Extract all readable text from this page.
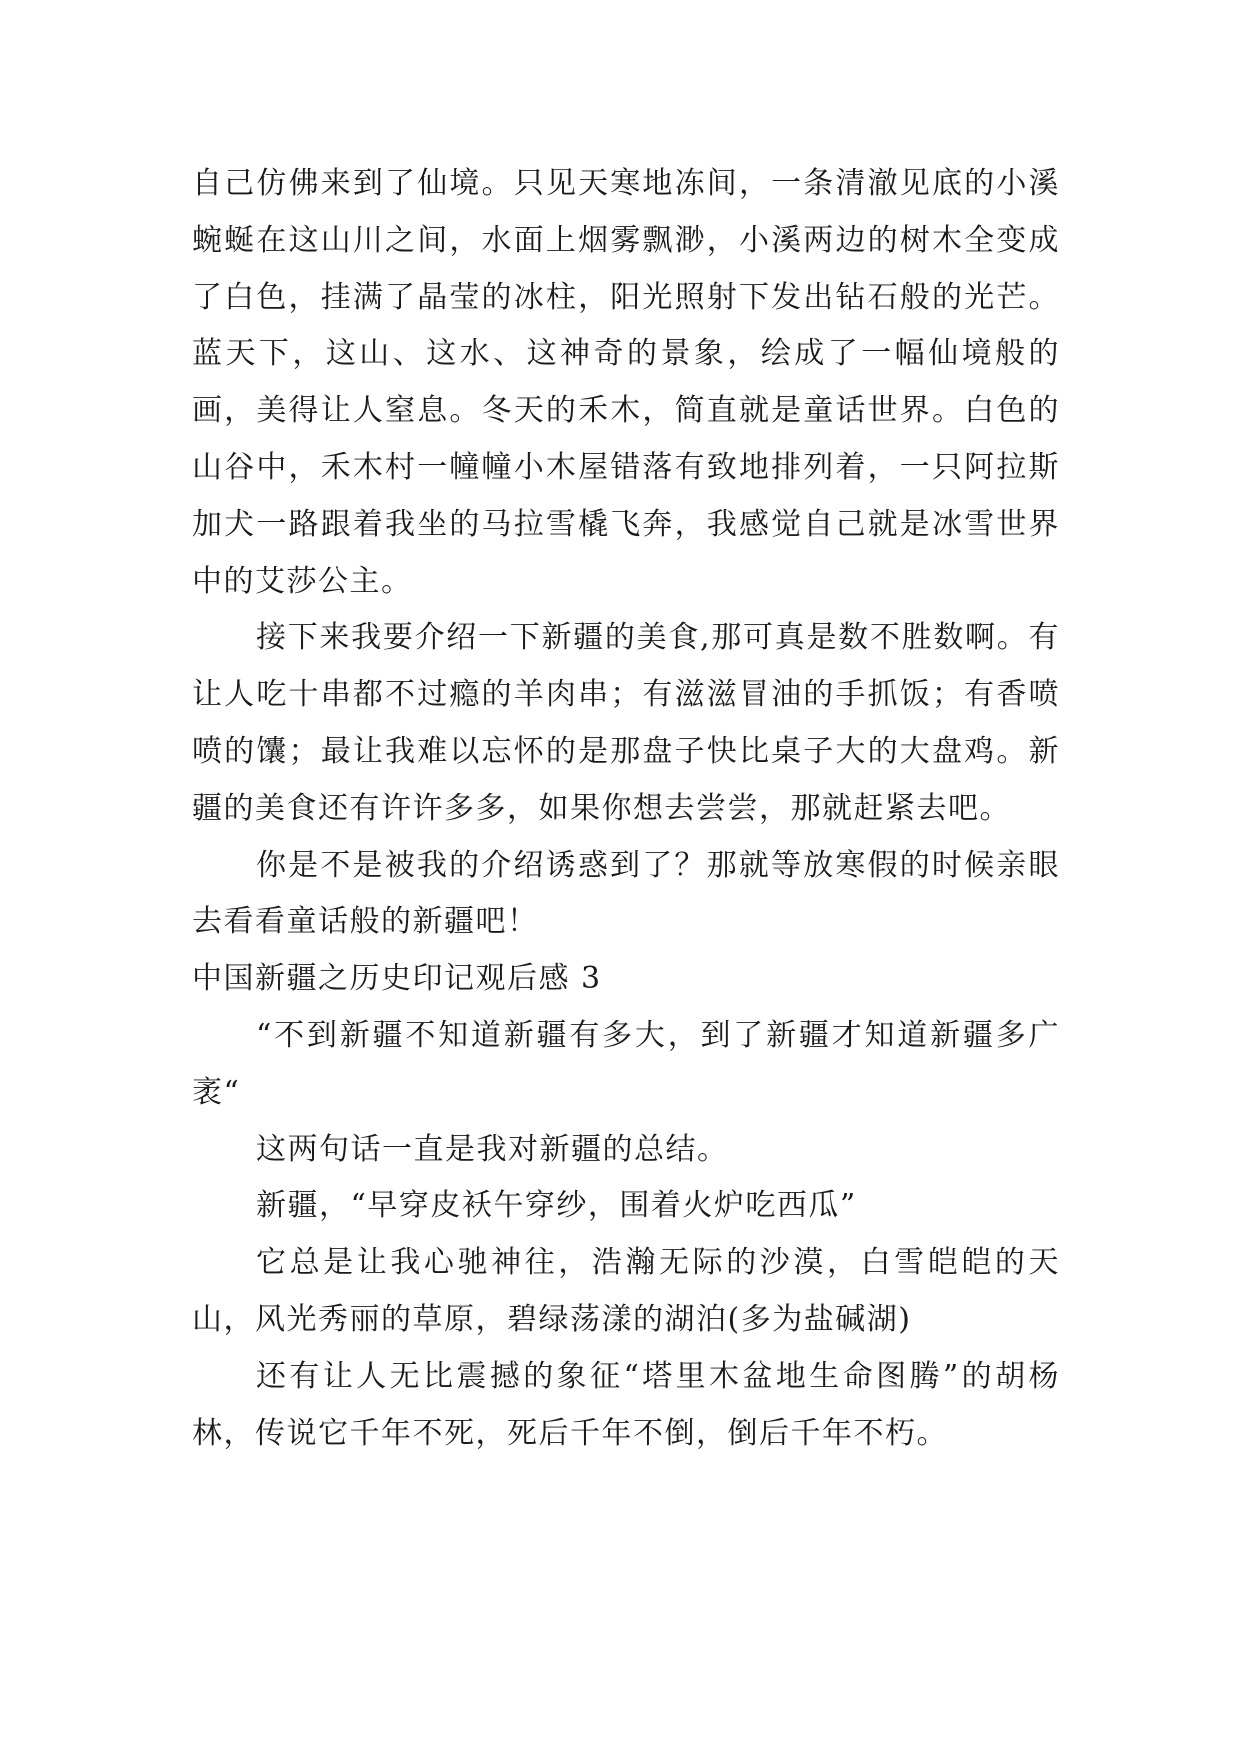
自己仿佛来到了仙境。只见天寒地冻间，一条清澈见底的小溪蜿蜒在这山川之间，水面上烟雾飘渺，小溪两边的树木全变成了白色，挂满了晶莹的冰柱，阳光照射下发出钻石般的光芒。蓝天下，这山、这水、这神奇的景象，绘成了一幅仙境般的画，美得让人窒息。冬天的禾木，简直就是童话世界。白色的山谷中，禾木村一幢幢小木屋错落有致地排列着，一只阿拉斯加犬一路跟着我坐的马拉雪橇飞奔，我感觉自己就是冰雪世界中的艾莎公主。

接下来我要介绍一下新疆的美食,那可真是数不胜数啊。有让人吃十串都不过瘾的羊肉串；有滋滋冒油的手抓饭；有香喷喷的馕；最让我难以忘怀的是那盘子快比桌子大的大盘鸡。新疆的美食还有许许多多，如果你想去尝尝，那就赶紧去吧。

你是不是被我的介绍诱惑到了？那就等放寒假的时候亲眼去看看童话般的新疆吧！

中国新疆之历史印记观后感 3

“不到新疆不知道新疆有多大，到了新疆才知道新疆多广袤“

这两句话一直是我对新疆的总结。

新疆，“早穿皮袄午穿纱，围着火炉吃西瓜”

它总是让我心驰神往，浩瀚无际的沙漠，白雪皑皑的天山，风光秀丽的草原，碧绿荡漾的湖泊(多为盐碱湖)

还有让人无比震撼的象征“塔里木盆地生命图腾”的胡杨林，传说它千年不死，死后千年不倒，倒后千年不朽。
